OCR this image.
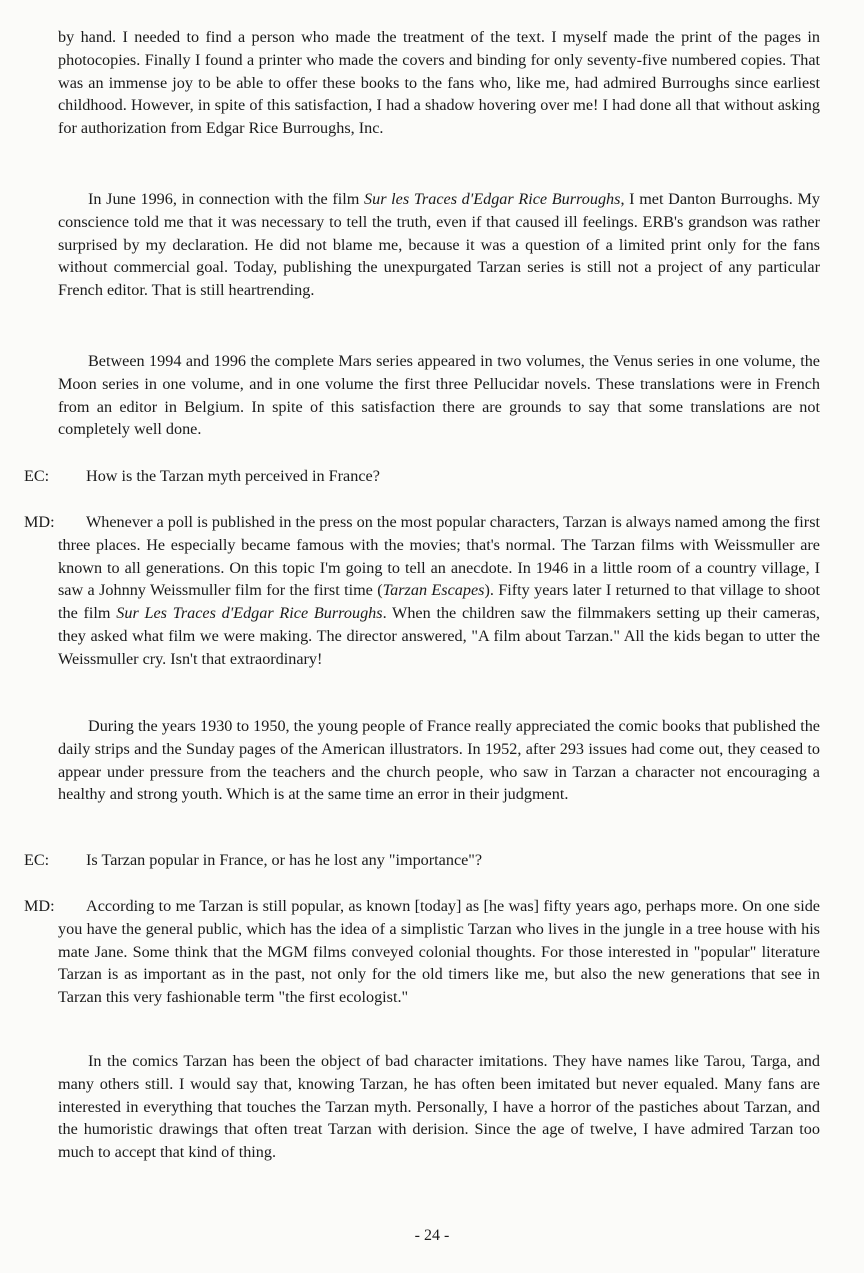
by hand. I needed to find a person who made the treatment of the text. I myself made the print of the pages in photocopies. Finally I found a printer who made the covers and binding for only seventy-five numbered copies. That was an immense joy to be able to offer these books to the fans who, like me, had admired Burroughs since earliest childhood. However, in spite of this satisfaction, I had a shadow hovering over me! I had done all that without asking for authorization from Edgar Rice Burroughs, Inc.

In June 1996, in connection with the film Sur les Traces d'Edgar Rice Burroughs, I met Danton Burroughs. My conscience told me that it was necessary to tell the truth, even if that caused ill feelings. ERB's grandson was rather surprised by my declaration. He did not blame me, because it was a question of a limited print only for the fans without commercial goal. Today, publishing the unexpurgated Tarzan series is still not a project of any particular French editor. That is still heartrending.

Between 1994 and 1996 the complete Mars series appeared in two volumes, the Venus series in one volume, the Moon series in one volume, and in one volume the first three Pellucidar novels. These translations were in French from an editor in Belgium. In spite of this satisfaction there are grounds to say that some translations are not completely well done.

EC: How is the Tarzan myth perceived in France?
MD: Whenever a poll is published in the press on the most popular characters, Tarzan is always named among the first three places. He especially became famous with the movies; that's normal. The Tarzan films with Weissmuller are known to all generations. On this topic I'm going to tell an anecdote. In 1946 in a little room of a country village, I saw a Johnny Weissmuller film for the first time (Tarzan Escapes). Fifty years later I returned to that village to shoot the film Sur Les Traces d'Edgar Rice Burroughs. When the children saw the filmmakers setting up their cameras, they asked what film we were making. The director answered, "A film about Tarzan." All the kids began to utter the Weissmuller cry. Isn't that extraordinary!

During the years 1930 to 1950, the young people of France really appreciated the comic books that published the daily strips and the Sunday pages of the American illustrators. In 1952, after 293 issues had come out, they ceased to appear under pressure from the teachers and the church people, who saw in Tarzan a character not encouraging a healthy and strong youth. Which is at the same time an error in their judgment.

EC: Is Tarzan popular in France, or has he lost any "importance"?
MD: According to me Tarzan is still popular, as known [today] as [he was] fifty years ago, perhaps more. On one side you have the general public, which has the idea of a simplistic Tarzan who lives in the jungle in a tree house with his mate Jane. Some think that the MGM films conveyed colonial thoughts. For those interested in "popular" literature Tarzan is as important as in the past, not only for the old timers like me, but also the new generations that see in Tarzan this very fashionable term "the first ecologist."

In the comics Tarzan has been the object of bad character imitations. They have names like Tarou, Targa, and many others still. I would say that, knowing Tarzan, he has often been imitated but never equaled. Many fans are interested in everything that touches the Tarzan myth. Personally, I have a horror of the pastiches about Tarzan, and the humoristic drawings that often treat Tarzan with derision. Since the age of twelve, I have admired Tarzan too much to accept that kind of thing.

- 24 -
